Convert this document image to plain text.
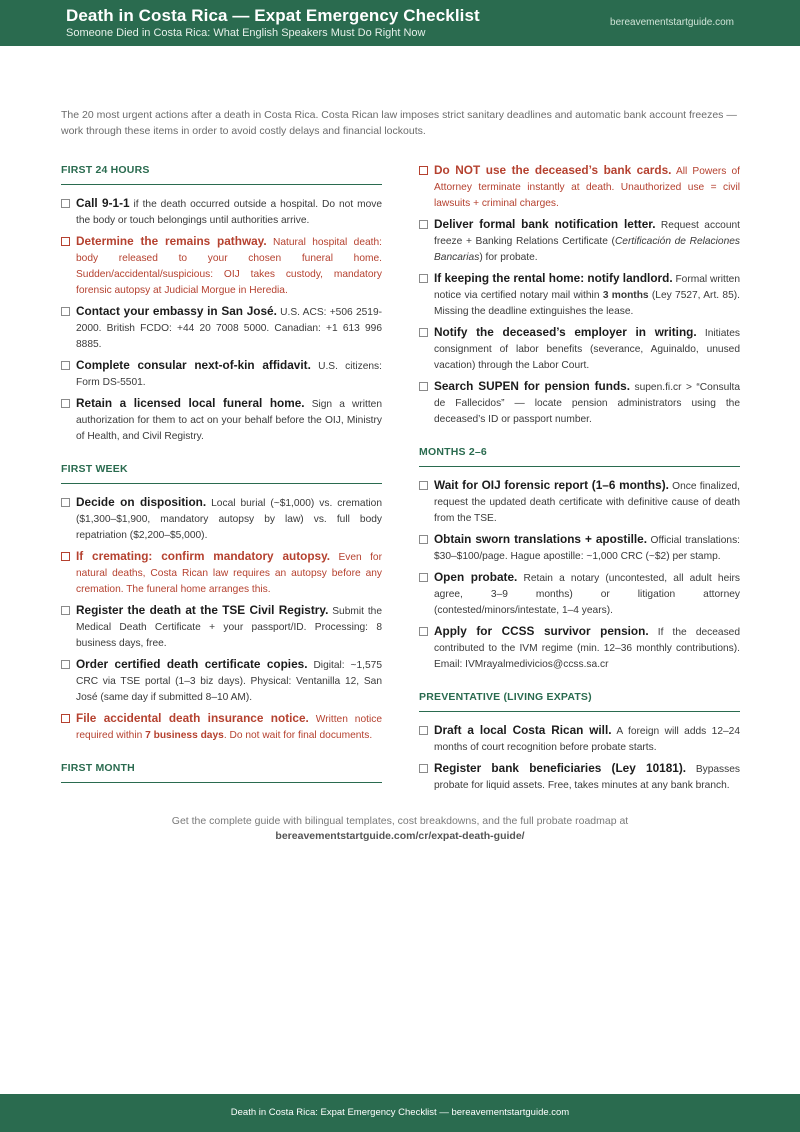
Death in Costa Rica — Expat Emergency Checklist
Someone Died in Costa Rica: What English Speakers Must Do Right Now
bereavementstartguide.com
The 20 most urgent actions after a death in Costa Rica. Costa Rican law imposes strict sanitary deadlines and automatic bank account freezes — work through these items in order to avoid costly delays and financial lockouts.
FIRST 24 HOURS
Call 9-1-1 if the death occurred outside a hospital. Do not move the body or touch belongings until authorities arrive.
Determine the remains pathway. Natural hospital death: body released to your chosen funeral home. Sudden/accidental/suspicious: OIJ takes custody, mandatory forensic autopsy at Judicial Morgue in Heredia.
Contact your embassy in San José. U.S. ACS: +506 2519-2000. British FCDO: +44 20 7008 5000. Canadian: +1 613 996 8885.
Complete consular next-of-kin affidavit. U.S. citizens: Form DS-5501.
Retain a licensed local funeral home. Sign a written authorization for them to act on your behalf before the OIJ, Ministry of Health, and Civil Registry.
FIRST WEEK
Decide on disposition. Local burial (~$1,000) vs. cremation ($1,300–$1,900, mandatory autopsy by law) vs. full body repatriation ($2,200–$5,000).
If cremating: confirm mandatory autopsy. Even for natural deaths, Costa Rican law requires an autopsy before any cremation. The funeral home arranges this.
Register the death at the TSE Civil Registry. Submit the Medical Death Certificate + your passport/ID. Processing: 8 business days, free.
Order certified death certificate copies. Digital: ~1,575 CRC via TSE portal (1–3 biz days). Physical: Ventanilla 12, San José (same day if submitted 8–10 AM).
File accidental death insurance notice. Written notice required within 7 business days. Do not wait for final documents.
FIRST MONTH
Do NOT use the deceased’s bank cards. All Powers of Attorney terminate instantly at death. Unauthorized use = civil lawsuits + criminal charges.
Deliver formal bank notification letter. Request account freeze + Banking Relations Certificate (Certificación de Relaciones Bancarias) for probate.
If keeping the rental home: notify landlord. Formal written notice via certified notary mail within 3 months (Ley 7527, Art. 85). Missing the deadline extinguishes the lease.
Notify the deceased’s employer in writing. Initiates consignment of labor benefits (severance, Aguinaldo, unused vacation) through the Labor Court.
Search SUPEN for pension funds. supen.fi.cr > “Consulta de Fallecidos” — locate pension administrators using the deceased’s ID or passport number.
MONTHS 2–6
Wait for OIJ forensic report (1–6 months). Once finalized, request the updated death certificate with definitive cause of death from the TSE.
Obtain sworn translations + apostille. Official translations: $30–$100/page. Hague apostille: ~1,000 CRC (~$2) per stamp.
Open probate. Retain a notary (uncontested, all adult heirs agree, 3–9 months) or litigation attorney (contested/minors/intestate, 1–4 years).
Apply for CCSS survivor pension. If the deceased contributed to the IVM regime (min. 12–36 monthly contributions). Email: IVMrayalmedivicios@ccss.sa.cr
PREVENTATIVE (LIVING EXPATS)
Draft a local Costa Rican will. A foreign will adds 12–24 months of court recognition before probate starts.
Register bank beneficiaries (Ley 10181). Bypasses probate for liquid assets. Free, takes minutes at any bank branch.
Get the complete guide with bilingual templates, cost breakdowns, and the full probate roadmap at
bereavementstartguide.com/cr/expat-death-guide/
Death in Costa Rica: Expat Emergency Checklist — bereavementstartguide.com
